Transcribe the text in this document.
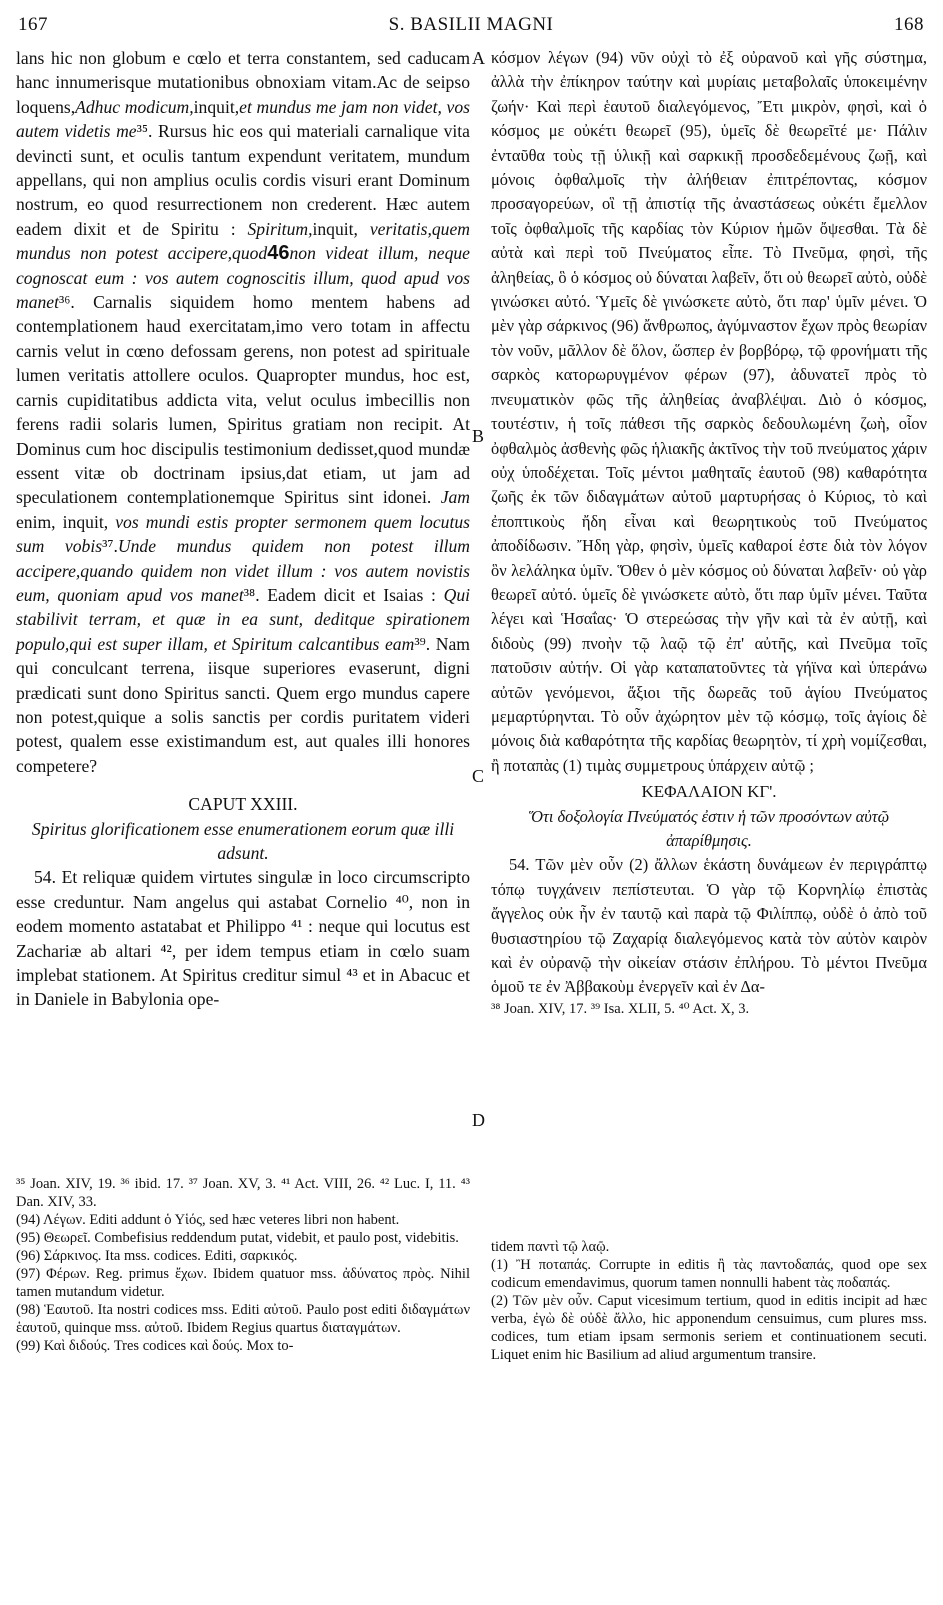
167	S. BASILII MAGNI	168
A
B
C
D

lans hic non globum e cœlo et terra constantem, sed caducam hanc innumerisque mutationibus obnoxiam vitam.Ac de seipso loquens,Adhuc modicum,inquit,et mundus me jam non videt, vos autem videtis me³⁵. Rursus hic eos qui materiali carnalique vita devincti sunt, et oculis tantum expendunt veritatem, mundum appellans, qui non amplius oculis cordis visuri erant Dominum nostrum, eo quod resurrectionem non crederent. Hæc autem eadem dixit et de Spiritu : Spiritum,inquit, veritatis,quem mundus non potest accipere,quod46non videat illum, neque cognoscat eum : vos autem cognoscitis illum, quod apud vos manet³⁶. Carnalis siquidem homo mentem habens ad contemplationem haud exercitatam,imo vero totam in affectu carnis velut in cœno defossam gerens, non potest ad spirituale lumen veritatis attollere oculos. Quapropter mundus, hoc est, carnis cupiditatibus addicta vita, velut oculus imbecillis non ferens radii solaris lumen, Spiritus gratiam non recipit. At Dominus cum hoc discipulis testimonium dedisset,quod mundæ essent vitæ ob doctrinam ipsius,dat etiam, ut jam ad speculationem contemplationemque Spiritus sint idonei. Jam enim, inquit, vos mundi estis propter sermonem quem locutus sum vobis³⁷.Unde mundus quidem non potest illum accipere,quando quidem non videt illum : vos autem novistis eum, quoniam apud vos manet³⁸. Eadem dicit et Isaias : Qui stabilivit terram, et quæ in ea sunt, deditque spirationem populo,qui est super illam, et Spiritum calcantibus eam³⁹. Nam qui conculcant terrena, iisque superiores evaserunt, digni prædicati sunt dono Spiritus sancti. Quem ergo mundus capere non potest,quique a solis sanctis per cordis puritatem videri potest, qualem esse existimandum est, aut quales illi honores competere?

CAPUT XXIII.

Spiritus glorificationem esse enumerationem eorum quæ illi adsunt.

54. Et reliquæ quidem virtutes singulæ in loco circumscripto esse creduntur. Nam angelus qui astabat Cornelio ⁴⁰, non in eodem momento astatabat et Philippo ⁴¹ : neque qui locutus est Zachariæ ab altari ⁴², per idem tempus etiam in cœlo suam implebat stationem. At Spiritus creditur simul ⁴³ et in Abacuc et in Daniele in Babylonia ope-

³⁵ Joan. XIV, 19. ³⁶ ibid. 17. ³⁷ Joan. XV, 3. ⁴¹ Act. VIII, 26. ⁴² Luc. I, 11. ⁴³ Dan. XIV, 33.

(94) Λέγων. Editi addunt ὁ Υἱός, sed hæc veteres libri non habent.

(95) Θεωρεῖ. Combefisius reddendum putat, videbit, et paulo post, videbitis.

(96) Σάρκινος. Ita mss. codices. Editi, σαρκικός.

(97) Φέρων. Reg. primus ἔχων. Ibidem quatuor mss. ἀδύνατος πρὸς. Nihil tamen mutandum videtur.

(98) Ἑαυτοῦ. Ita nostri codices mss. Editi αὐτοῦ. Paulo post editi διδαγμάτων ἑαυτοῦ, quinque mss. αὐτοῦ. Ibidem Regius quartus διαταγμάτων.

(99) Καὶ διδούς. Tres codices καὶ δούς. Mox to-

κόσμον λέγων (94) νῦν οὐχὶ τὸ ἐξ οὐρανοῦ καὶ γῆς σύστημα, ἀλλὰ τὴν ἐπίκηρον ταύτην καὶ μυρίαις μεταβολαῖς ὑποκειμένην ζωήν· Καὶ περὶ ἑαυτοῦ διαλεγόμενος, Ἔτι μικρὸν, φησὶ, καὶ ὁ κόσμος με οὐκέτι θεωρεῖ (95), ὑμεῖς δὲ θεωρεῖτέ με· Πάλιν ἐνταῦθα τοὺς τῇ ὑλικῇ καὶ σαρκικῇ προσδεδεμένους ζωῇ, καὶ μόνοις ὀφθαλμοῖς τὴν ἀλήθειαν ἐπιτρέποντας, κόσμον προσαγορεύων, οἳ τῇ ἀπιστίᾳ τῆς ἀναστάσεως οὐκέτι ἔμελλον τοῖς ὀφθαλμοῖς τῆς καρδίας τὸν Κύριον ἡμῶν ὄψεσθαι. Τὰ δὲ αὐτὰ καὶ περὶ τοῦ Πνεύματος εἶπε. Τὸ Πνεῦμα, φησὶ, τῆς ἀληθείας, ὃ ὁ κόσμος οὐ δύναται λαβεῖν, ὅτι οὐ θεωρεῖ αὐτὸ, οὐδὲ γινώσκει αὐτό. Ὑμεῖς δὲ γινώσκετε αὐτὸ, ὅτι παρ' ὑμῖν μένει. Ὁ μὲν γὰρ σάρκινος (96) ἄνθρωπος, ἀγύμναστον ἔχων πρὸς θεωρίαν τὸν νοῦν, μᾶλλον δὲ ὅλον, ὥσπερ ἐν βορβόρῳ, τῷ φρονήματι τῆς σαρκὸς κατορωρυγμένον φέρων (97), ἀδυνατεῖ πρὸς τὸ πνευματικὸν φῶς τῆς ἀληθείας ἀναβλέψαι. Διὸ ὁ κόσμος, τουτέστιν, ἡ τοῖς πάθεσι τῆς σαρκὸς δεδουλωμένη ζωὴ, οἷον ὀφθαλμὸς ἀσθενὴς φῶς ἡλιακῆς ἀκτῖνος τὴν τοῦ πνεύματος χάριν οὐχ ὑποδέχεται. Τοῖς μέντοι μαθηταῖς ἑαυτοῦ (98) καθαρότητα ζωῆς ἐκ τῶν διδαγμάτων αὐτοῦ μαρτυρήσας ὁ Κύριος, τὸ καὶ ἐποπτικοὺς ἤδη εἶναι καὶ θεωρητικοὺς τοῦ Πνεύματος ἀποδίδωσιν. Ἤδη γὰρ, φησὶν, ὑμεῖς καθαροί ἐστε διὰ τὸν λόγον ὃν λελάληκα ὑμῖν. Ὅθεν ὁ μὲν κόσμος οὐ δύναται λαβεῖν· οὐ γὰρ θεωρεῖ αὐτό. ὑμεῖς δὲ γινώσκετε αὐτὸ, ὅτι παρ ὑμῖν μένει. Ταῦτα λέγει καὶ Ἡσαΐας· Ὁ στερεώσας τὴν γῆν καὶ τὰ ἐν αὐτῇ, καὶ διδοὺς (99) πνοὴν τῷ λαῷ τῷ ἐπ' αὐτῆς, καὶ Πνεῦμα τοῖς πατοῦσιν αὐτήν. Οἱ γὰρ καταπατοῦντες τὰ γήϊνα καὶ ὑπεράνω αὐτῶν γενόμενοι, ἄξιοι τῆς δωρεᾶς τοῦ ἁγίου Πνεύματος μεμαρτύρηνται. Τὸ οὖν ἀχώρητον μὲν τῷ κόσμῳ, τοῖς ἁγίοις δὲ μόνοις διὰ καθαρότητα τῆς καρδίας θεωρητὸν, τί χρὴ νομίζεσθαι, ἢ ποταπὰς (1) τιμὰς συμμετρους ὑπάρχειν αὐτῷ ;

ΚΕΦΑΛΑΙΟΝ ΚΓ'.

Ὅτι δοξολογία Πνεύματός ἐστιν ἡ τῶν προσόντων αὐτῷ ἀπαρίθμησις.

54. Τῶν μὲν οὖν (2) ἄλλων ἑκάστη δυνάμεων ἐν περιγράπτῳ τόπῳ τυγχάνειν πεπίστευται. Ὁ γὰρ τῷ Κορνηλίῳ ἐπιστὰς ἄγγελος οὐκ ἦν ἐν ταυτῷ καὶ παρὰ τῷ Φιλίππῳ, οὐδὲ ὁ ἀπὸ τοῦ θυσιαστηρίου τῷ Ζαχαρίᾳ διαλεγόμενος κατὰ τὸν αὐτὸν καιρὸν καὶ ἐν οὐρανῷ τὴν οἰκείαν στάσιν ἐπλήρου. Τὸ μέντοι Πνεῦμα ὁμοῦ τε ἐν Ἀββακοὺμ ἐνεργεῖν καὶ ἐν Δα-

³⁸ Joan. XIV, 17. ³⁹ Isa. XLII, 5. ⁴⁰ Act. X, 3.

tidem παντὶ τῷ λαῷ.

(1) Ἢ ποταπάς. Corrupte in editis ἢ τὰς παντοδαπάς, quod ope sex codicum emendavimus, quorum tamen nonnulli habent τὰς ποδαπάς.

(2) Τῶν μὲν οὖν. Caput vicesimum tertium, quod in editis incipit ad hæc verba, ἐγὼ δὲ οὐδὲ ἄλλο, hic apponendum censuimus, cum plures mss. codices, tum etiam ipsam sermonis seriem et continuationem secuti. Liquet enim hic Basilium ad aliud argumentum transire.
